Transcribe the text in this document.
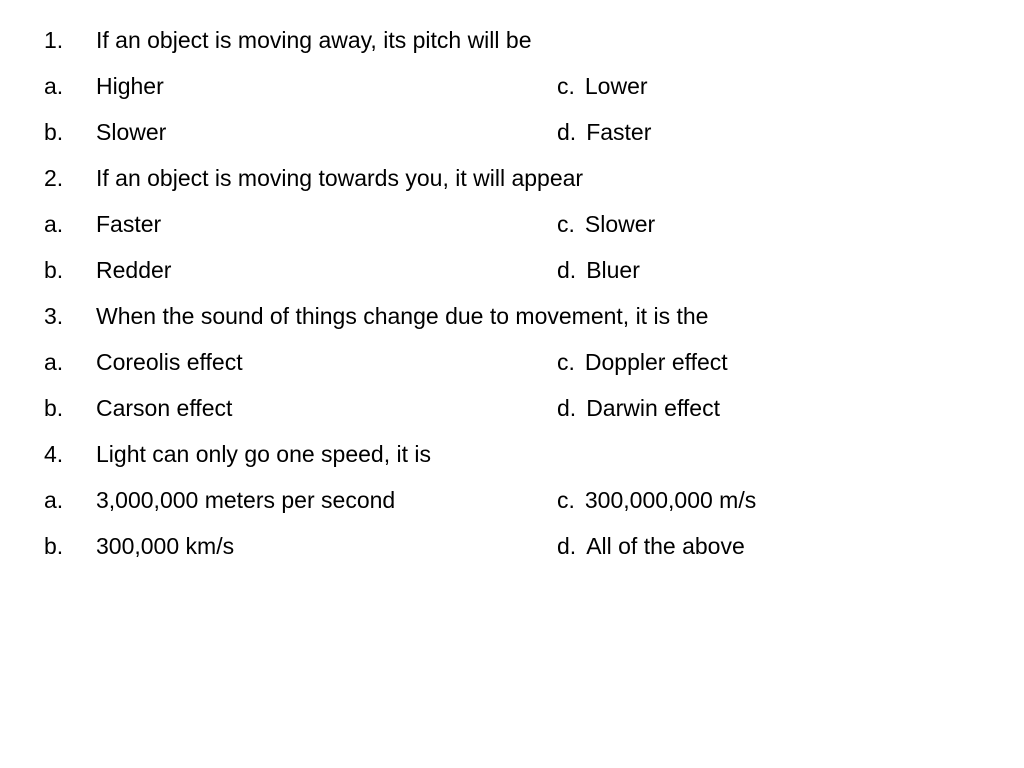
1. If an object is moving away, its pitch will be
a. Higher	c. Lower
b. Slower	d. Faster
2. If an object is moving towards you, it will appear
a. Faster	c. Slower
b. Redder	d. Bluer
3. When the sound of things change due to movement, it is the
a. Coreolis effect	c. Doppler effect
b. Carson effect	d. Darwin effect
4. Light can only go one speed, it is
a. 3,000,000 meters per second	c. 300,000,000 m/s
b. 300,000 km/s	d. All of the above
